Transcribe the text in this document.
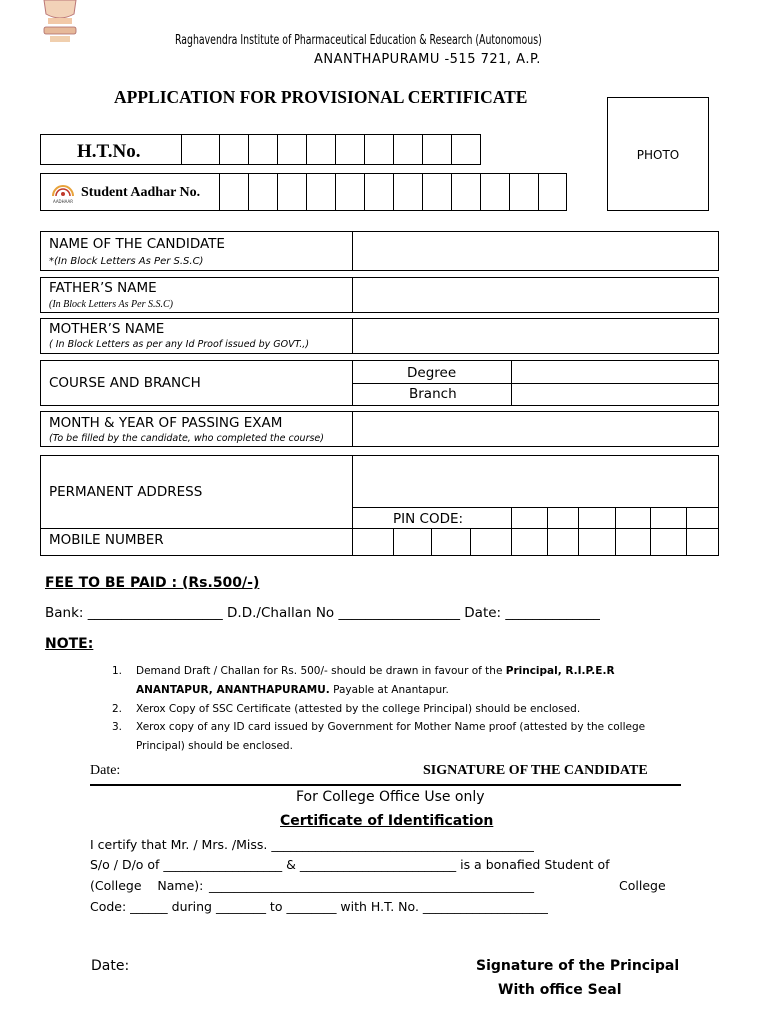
Raghavendra Institute of Pharmaceutical Education & Research (Autonomous)
ANANTHAPURAMU -515 721, A.P.
APPLICATION FOR PROVISIONAL CERTIFICATE
PHOTO
H.T.No.
AADHAAR
Student Aadhar No.
NAME OF THE CANDIDATE
*(In Block Letters As Per S.S.C)
FATHER’S NAME
(In Block Letters As Per S.S.C)
MOTHER’S NAME
( In Block Letters as per any Id Proof issued by GOVT.,)
COURSE AND BRANCH
Degree
Branch
MONTH & YEAR OF PASSING EXAM
(To be filled by the candidate, who completed the course)
PERMANENT ADDRESS
PIN CODE:
MOBILE NUMBER
FEE TO BE PAID : (Rs.500/-)
Bank: ____________________ D.D./Challan No __________________ Date: ______________
NOTE:
1. Demand Draft / Challan for Rs. 500/- should be drawn in favour of the Principal, R.I.P.E.R
ANANTAPUR, ANANTHAPURAMU. Payable at Anantapur.
2. Xerox Copy of SSC Certificate (attested by the college Principal) should be enclosed.
3. Xerox copy of any ID card issued by Government for Mother Name proof (attested by the college
Principal) should be enclosed.
Date:	SIGNATURE OF THE CANDIDATE
For College Office Use only
Certificate of Identification
I certify that Mr. / Mrs. /Miss. __________________________________________
S/o / D/o of ___________________ & _________________________ is a bonafied Student of
(College    Name): ____________________________________________________	College
Code: ______ during ________ to ________ with H.T. No. ____________________
Date:	Signature of the Principal
With office Seal
